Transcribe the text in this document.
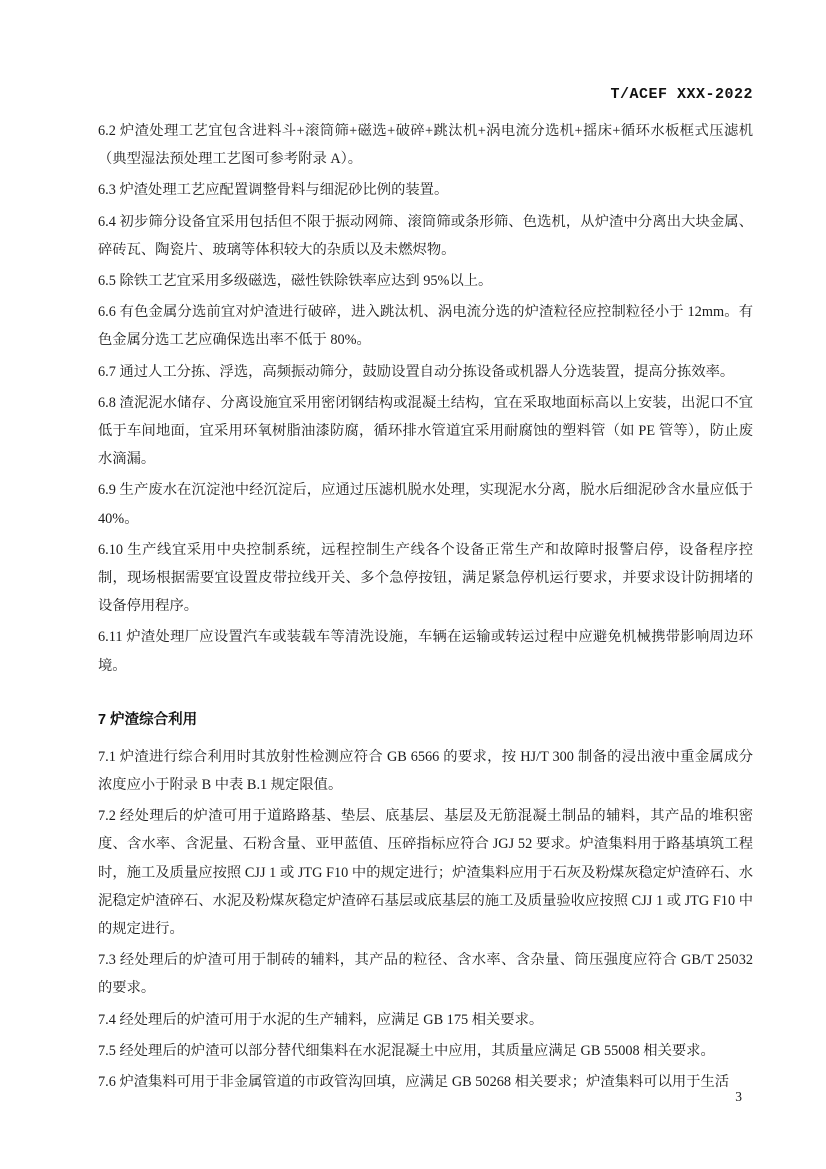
T/ACEF XXX-2022

6.2 炉渣处理工艺宜包含进料斗+滚筒筛+磁选+破碎+跳汰机+涡电流分选机+摇床+循环水板框式压滤机（典型湿法预处理工艺图可参考附录 A）。

6.3 炉渣处理工艺应配置调整骨料与细泥砂比例的装置。

6.4 初步筛分设备宜采用包括但不限于振动网筛、滚筒筛或条形筛、色选机，从炉渣中分离出大块金属、碎砖瓦、陶瓷片、玻璃等体积较大的杂质以及未燃烬物。

6.5 除铁工艺宜采用多级磁选，磁性铁除铁率应达到 95%以上。

6.6 有色金属分选前宜对炉渣进行破碎，进入跳汰机、涡电流分选的炉渣粒径应控制粒径小于 12mm。有色金属分选工艺应确保选出率不低于 80%。

6.7 通过人工分拣、浮选，高频振动筛分，鼓励设置自动分拣设备或机器人分选装置，提高分拣效率。

6.8 渣泥泥水储存、分离设施宜采用密闭钢结构或混凝土结构，宜在采取地面标高以上安装，出泥口不宜低于车间地面，宜采用环氧树脂油漆防腐，循环排水管道宜采用耐腐蚀的塑料管（如 PE 管等），防止废水滴漏。

6.9 生产废水在沉淀池中经沉淀后，应通过压滤机脱水处理，实现泥水分离，脱水后细泥砂含水量应低于 40%。

6.10 生产线宜采用中央控制系统，远程控制生产线各个设备正常生产和故障时报警启停，设备程序控制，现场根据需要宜设置皮带拉线开关、多个急停按钮，满足紧急停机运行要求，并要求设计防拥堵的设备停用程序。

6.11 炉渣处理厂应设置汽车或装载车等清洗设施，车辆在运输或转运过程中应避免机械携带影响周边环境。

7 炉渣综合利用

7.1 炉渣进行综合利用时其放射性检测应符合 GB 6566 的要求，按 HJ/T 300 制备的浸出液中重金属成分浓度应小于附录 B 中表 B.1 规定限值。

7.2 经处理后的炉渣可用于道路路基、垫层、底基层、基层及无筋混凝土制品的辅料，其产品的堆积密度、含水率、含泥量、石粉含量、亚甲蓝值、压碎指标应符合 JGJ 52 要求。炉渣集料用于路基填筑工程时，施工及质量应按照 CJJ 1 或 JTG F10 中的规定进行；炉渣集料应用于石灰及粉煤灰稳定炉渣碎石、水泥稳定炉渣碎石、水泥及粉煤灰稳定炉渣碎石基层或底基层的施工及质量验收应按照 CJJ 1 或 JTG F10 中的规定进行。

7.3 经处理后的炉渣可用于制砖的辅料，其产品的粒径、含水率、含杂量、筒压强度应符合 GB/T 25032 的要求。

7.4 经处理后的炉渣可用于水泥的生产辅料，应满足 GB 175 相关要求。

7.5 经处理后的炉渣可以部分替代细集料在水泥混凝土中应用，其质量应满足 GB 55008 相关要求。

7.6 炉渣集料可用于非金属管道的市政管沟回填，应满足 GB 50268 相关要求；炉渣集料可以用于生活

3
